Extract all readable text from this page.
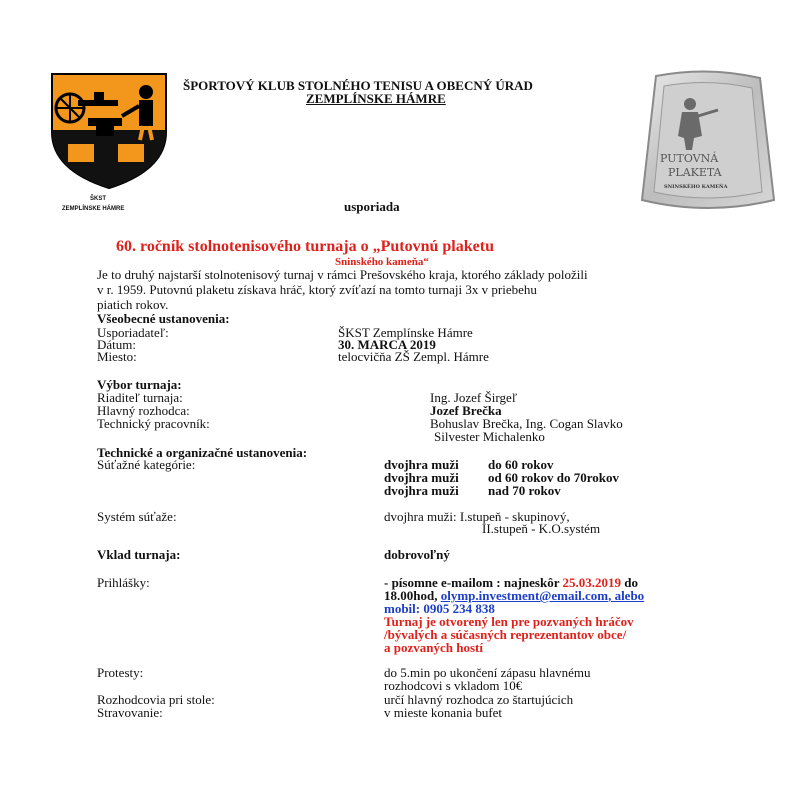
ŠKST
ZEMPLÍNSKE HÁMRE
ŠPORTOVÝ KLUB STOLNÉHO TENISU A OBECNÝ ÚRAD
ZEMPLÍNSKE HÁMRE
usporiada
PUTOVNÁ
PLAKETA
SNINSKÉHO KAMEŇA
60. ročník stolnotenisového turnaja o „Putovnú plaketu
Sninského kameňa“
Je to druhý najstarší stolnotenisový turnaj v rámci Prešovského kraja, ktorého základy položili
v r. 1959. Putovnú plaketu získava hráč, ktorý zvíťazí na tomto turnaji 3x v priebehu
piatich rokov.
Všeobecné ustanovenia:
Usporiadateľ:	ŠKST Zemplínske Hámre
Dátum:	30. MARCA 2019
Miesto:	telocvičňa ZŠ Zempl. Hámre
Výbor turnaja:
Riaditeľ turnaja:	Ing. Jozef Širgeľ
Hlavný rozhodca:	Jozef Brečka
Technický pracovník:	Bohuslav Brečka, Ing. Cogan Slavko
Silvester Michalenko
Technické a organizačné ustanovenia:
Súťažné kategórie:	dvojhra muži do 60 rokov
dvojhra muži od 60 rokov do 70rokov
dvojhra muži nad 70 rokov
Systém súťaže:	dvojhra muži: I.stupeň - skupinový,
II.stupeň - K.O.systém
Vklad turnaja:	dobrovoľný
Prihlášky:	- písomne e-mailom : najneskôr 25.03.2019 do
18.00hod, olymp.investment@email.com, alebo
mobil: 0905 234 838
Turnaj je otvorený len pre pozvaných hráčov
/bývalých a súčasných reprezentantov obce/
a pozvaných hostí
Protesty:	do 5.min po ukončení zápasu hlavnému
rozhodcovi s vkladom 10€
Rozhodcovia pri stole:	určí hlavný rozhodca zo štartujúcich
Stravovanie:	v mieste konania bufet
